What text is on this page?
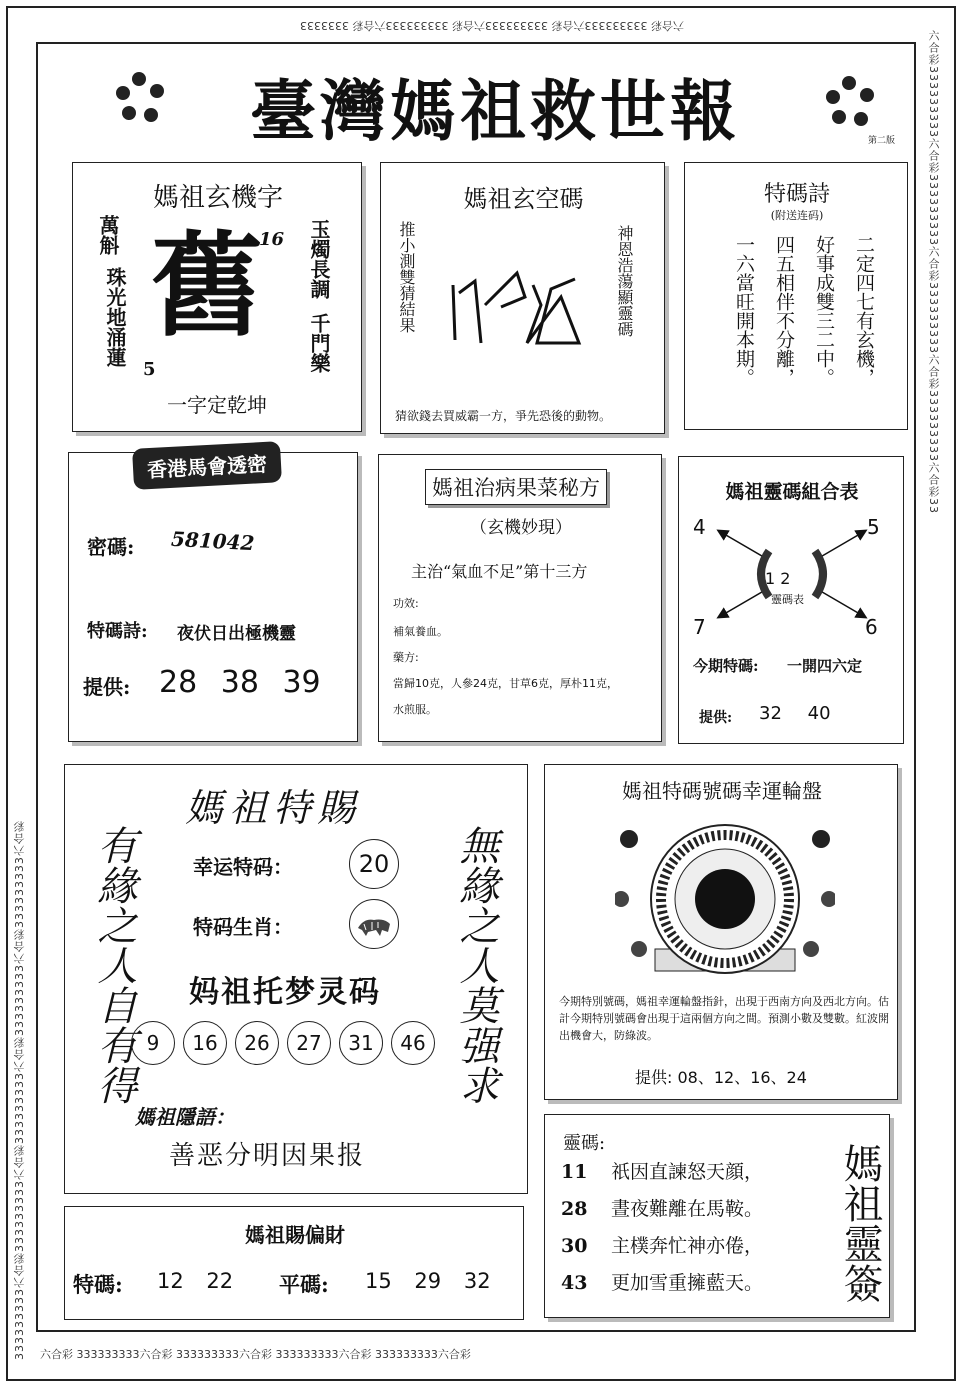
六合彩 333333333六合彩 333333333六合彩 333333333六合彩 3333333
六合彩 333333333六合彩 333333333六合彩 333333333六合彩 333333333六合彩
333333333六合彩333333333六合彩333333333六合彩333333333六合彩333333333六合彩
六合彩333333333六合彩333333333六合彩333333333六合彩333333333六合彩33
臺灣媽祖救世報	第二版
媽祖玄機字
萬斛
珠光地涌蓮 舊
16
5
玉燭長調
千門樂
一字定乾坤
媽祖玄空碼
推小測雙猜結果	神恩浩蕩顯靈碼
猜欲錢去買威霸一方，爭先恐後的動物。
特碼詩
(附送连码)
二定四七有玄機，
好事成雙三二中。
四五相伴不分離，
一六當旺開本期。
香港馬會透密
密碼: 581042
特碼詩: 夜伏日出極機靈
提供: 28 38 39
媽祖治病果菜秘方
（玄機妙現）
主治“氣血不足”第十三方
功效:
補氣養血。
藥方:
當歸10克，人參24克，甘草6克，厚朴11克，
水煎服。
媽祖靈碼組合表
4	5
7	6
1 2
靈碼表
今期特碼: 一開四六定
提供: 32 40
媽祖特賜
有緣之人自有得	無緣之人莫强求
幸运特码：	20
特码生肖：
妈祖托梦灵码
9	16	26	27	31	46
媽祖隱語：
善恶分明因果报
媽祖特碼號碼幸運輪盤
今期特別號碼，媽祖幸運輪盤指針，出現于西南方向及西北方向。估計今期特別號碼會出現于這兩個方向之間。預測小數及雙數。紅波開出機會大，防綠波。
提供: 08、12、16、24
媽祖賜偏財
特碼: 12 22 平碼: 15 29 32
靈碼:
11 祇因直諫怒天顔，
28 晝夜難離在馬鞍。
30 主樸奔忙神亦倦，
43 更加雪重擁藍天。 媽祖靈簽
